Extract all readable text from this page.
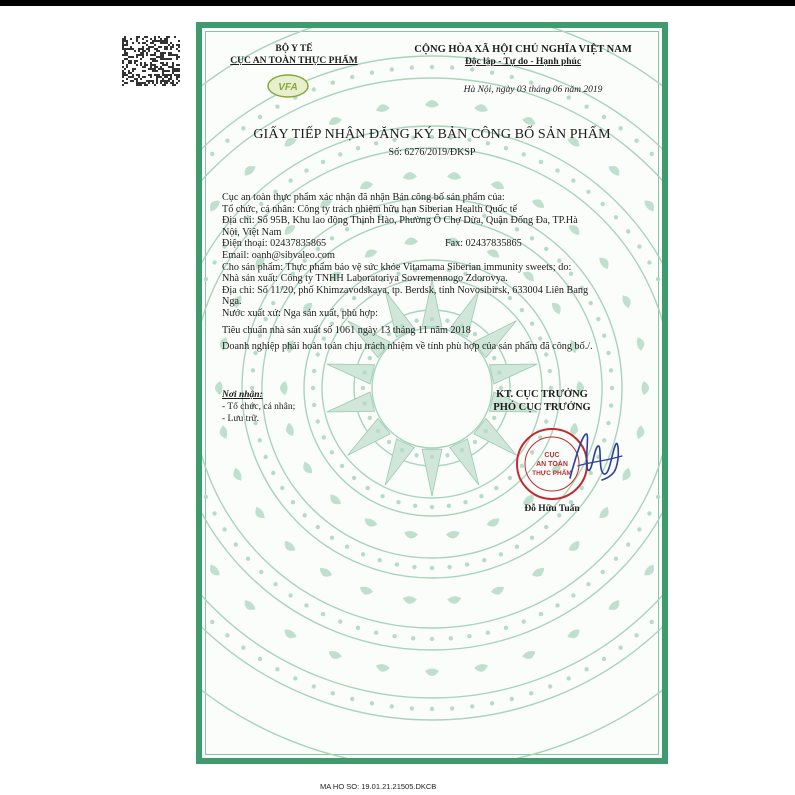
VFA
BỘ Y TẾ
CỤC AN TOÀN THỰC PHẨM
CỘNG HÒA XÃ HỘI CHỦ NGHĨA VIỆT NAM
Độc lập - Tự do - Hạnh phúc
Hà Nội, ngày 03 tháng 06 năm 2019
GIẤY TIẾP NHẬN ĐĂNG KÝ BẢN CÔNG BỐ SẢN PHẨM
Số: 6276/2019/ĐKSP
Cục an toàn thực phẩm xác nhận đã nhận Bản công bố sản phẩm của:
Tổ chức, cá nhân: Công ty trách nhiệm hữu hạn Siberian Health Quốc tế
Địa chỉ: Số 95B, Khu lao động Thịnh Hào, Phường Ô Chợ Dừa, Quận Đống Đa, TP.Hà
Nội, Việt Nam
Điện thoại: 02437835865	Fax: 02437835865
Email: oanh@sibvaleo.com
Cho sản phẩm: Thực phẩm bảo vệ sức khỏe Vitamama Siberian immunity sweets; do:
Nhà sản xuất: Công ty TNHH Laboratoriya Sovremennogo Zdorovya.
Địa chỉ: Số 11/20, phố Khimzavodskaya, tp. Berdsk, tỉnh Novosibirsk, 633004 Liên Bang
Nga.
Nước xuất xứ: Nga sản xuất, phù hợp:
Tiêu chuẩn nhà sản xuất số 1061 ngày 13 tháng 11 năm 2018
Doanh nghiệp phải hoàn toàn chịu trách nhiệm về tính phù hợp của sản phẩm đã công bố./.
Nơi nhận:
- Tổ chức, cá nhân;
- Lưu trữ.
KT. CỤC TRƯỞNG
PHÓ CỤC TRƯỞNG
CỤC
AN TOÀN
THỰC PHẨM
Đỗ Hữu Tuấn
MA HO SO: 19.01.21.21505.DKCB
